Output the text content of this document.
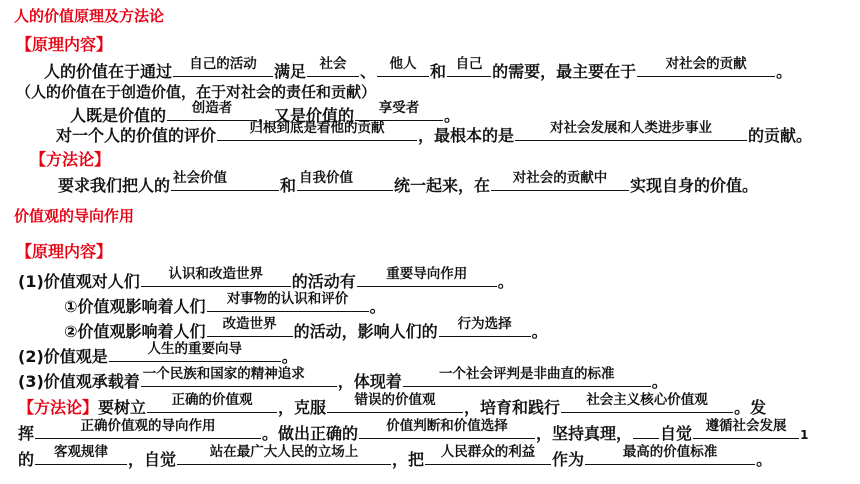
人的价值原理及方法论
【原理内容】
人的价值在于通过	自己的活动	满足	社会 、	他人 和 自己 的需要，最主要在于	对社会的贡献	。
（人的价值在于创造价值，在于对社会的责任和贡献）
人既是价值的	创造者	，又是价值的	享受者	。
对一个人的价值的评价	归根到底是看他的贡献	，最根本的是	对社会发展和人类进步事业	的贡献。
【方法论】
要求我们把人的 社会价值	和 自我价值	统一起来，在	对社会的贡献中	实现自身的价值。
价值观的导向作用
【原理内容】
(1)价值观对人们	认识和改造世界	的活动有	重要导向作用	。
①价值观影响着人们	对事物的认识和评价	。
②价值观影响着人们	改造世界	的活动，影响人们的	行为选择	。
(2)价值观是	人生的重要向导	。
(3)价值观承载着 一个民族和国家的精神追求	，体现着	一个社会评判是非曲直的标准	。
【方法论】要树立	正确的价值观	，克服	错误的价值观	，培育和践行	社会主义核心价值观	。发
挥	正确价值观的导向作用	。做出正确的	价值判断和价值选择	，坚持真理， 自觉	遵循社会发展
1
的	客观规律	，自觉	站在最广大人民的立场上	，把	人民群众的利益	作为	最高的价值标准	。
